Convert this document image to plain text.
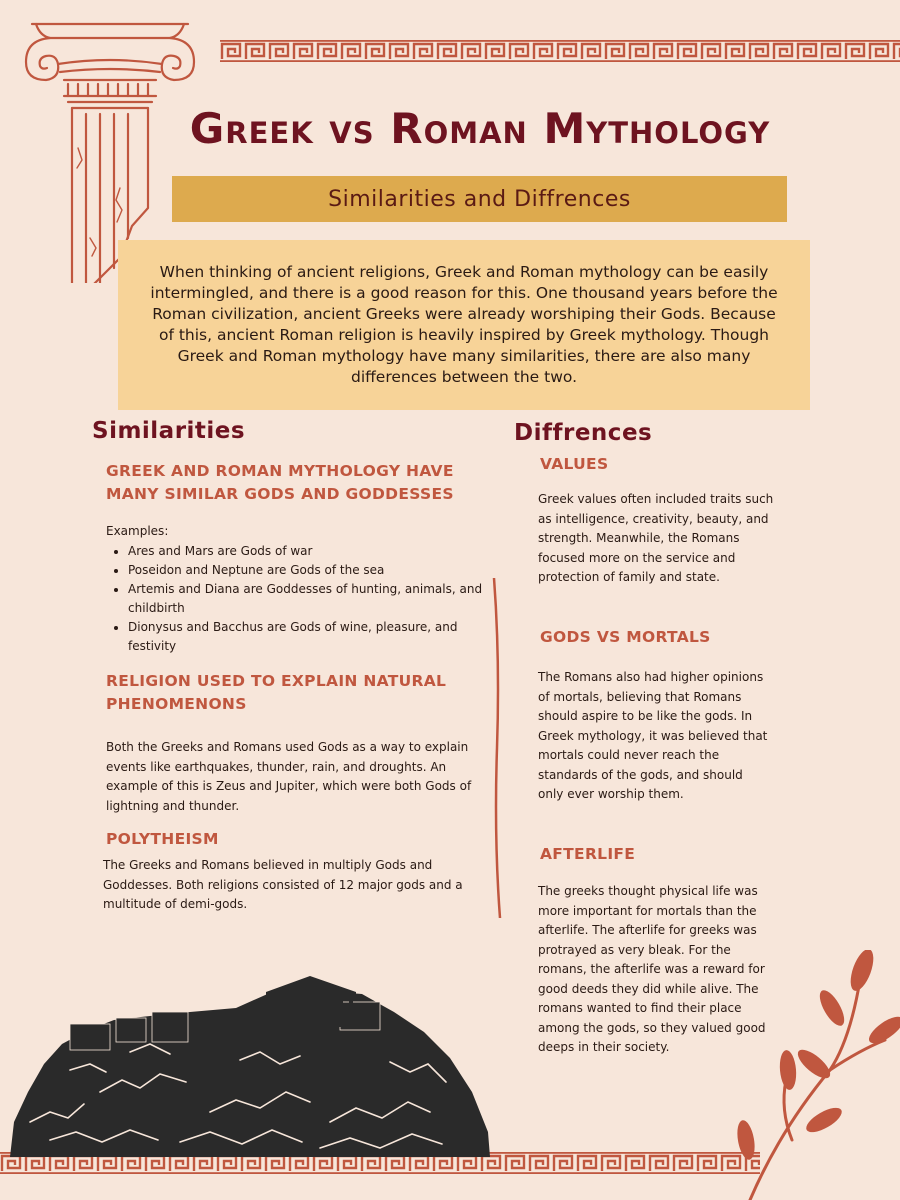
Greek vs Roman Mythology
Similarities and Diffrences

When thinking of ancient religions, Greek and Roman mythology can be easily intermingled, and there is a good reason for this. One thousand years before the Roman civilization, ancient Greeks were already worshiping their Gods. Because of this, ancient Roman religion is heavily inspired by Greek mythology. Though Greek and Roman mythology have many similarities, there are also many differences between the two.

Similarities
GREEK AND ROMAN MYTHOLOGY HAVE MANY SIMILAR GODS AND GODDESSES
Examples:
• Ares and Mars are Gods of war
• Poseidon and Neptune are Gods of the sea
• Artemis and Diana are Goddesses of hunting, animals, and childbirth
• Dionysus and Bacchus are Gods of wine, pleasure, and festivity
RELIGION USED TO EXPLAIN NATURAL PHENOMENONS

Both the Greeks and Romans used Gods as a way to explain events like earthquakes, thunder, rain, and droughts. An example of this is Zeus and Jupiter, which were both Gods of lightning and thunder.

POLYTHEISM

The Greeks and Romans believed in multiply Gods and Goddesses. Both religions consisted of 12 major gods and a multitude of demi-gods.

Diffrences
VALUES

Greek values often included traits such as intelligence, creativity, beauty, and strength. Meanwhile, the Romans focused more on the service and protection of family and state.

GODS VS MORTALS

The Romans also had higher opinions of mortals, believing that Romans should aspire to be like the gods. In Greek mythology, it was believed that mortals could never reach the standards of the gods, and should only ever worship them.

AFTERLIFE

The greeks thought physical life was more important for mortals than the afterlife. The afterlife for greeks was protrayed as very bleak. For the romans, the afterlife was a reward for good deeds they did while alive. The romans wanted to find their place among the gods, so they valued good deeps in their society.
